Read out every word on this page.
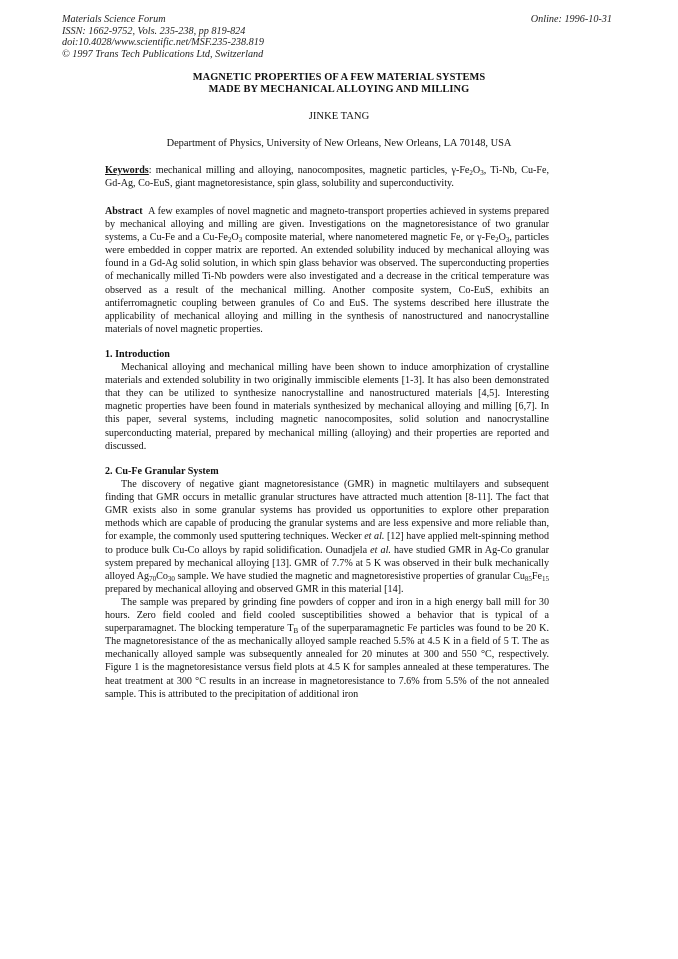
Materials Science Forum
ISSN: 1662-9752, Vols. 235-238, pp 819-824
doi:10.4028/www.scientific.net/MSF.235-238.819
© 1997 Trans Tech Publications Ltd, Switzerland
Online: 1996-10-31
MAGNETIC PROPERTIES OF A FEW MATERIAL SYSTEMS
MADE BY MECHANICAL ALLOYING AND MILLING
JINKE TANG
Department of Physics, University of New Orleans, New Orleans, LA 70148, USA

Keywords: mechanical milling and alloying, nanocomposites, magnetic particles, $\gamma-Fe_2O_3$, Ti-Nb, Cu-Fe, Gd-Ag, Co-EuS, giant magnetoresistance, spin glass, solubility and superconductivity.

Abstract A few examples of novel magnetic and magneto-transport properties achieved in systems prepared by mechanical alloying and milling are given. Investigations on the magnetoresistance of two granular systems, a Cu-Fe and a $Cu-Fe_2O_3$ composite material, where nanometered magnetic Fe, or $\gamma-Fe_2O_3$, particles were embedded in copper matrix are reported. An extended solubility induced by mechanical alloying was found in a Gd-Ag solid solution, in which spin glass behavior was observed. The superconducting properties of mechanically milled Ti-Nb powders were also investigated and a decrease in the critical temperature was observed as a result of the mechanical milling. Another composite system, Co-EuS, exhibits an antiferromagnetic coupling between granules of Co and EuS. The systems described here illustrate the applicability of mechanical alloying and milling in the synthesis of nanostructured and nanocrystalline materials of novel magnetic properties.

1. Introduction

Mechanical alloying and mechanical milling have been shown to induce amorphization of crystalline materials and extended solubility in two originally immiscible elements [1-3]. It has also been demonstrated that they can be utilized to synthesize nanocrystalline and nanostructured materials [4,5]. Interesting magnetic properties have been found in materials synthesized by mechanical alloying and milling [6,7]. In this paper, several systems, including magnetic nanocomposites, solid solution and nanocrystalline superconducting material, prepared by mechanical milling (alloying) and their properties are reported and discussed.

2. Cu-Fe Granular System

The discovery of negative giant magnetoresistance (GMR) in magnetic multilayers and subsequent finding that GMR occurs in metallic granular structures have attracted much attention [8-11]. The fact that GMR exists also in some granular systems has provided us opportunities to explore other preparation methods which are capable of producing the granular systems and are less expensive and more reliable than, for example, the commonly used sputtering techniques. Wecker et al. [12] have applied melt-spinning method to produce bulk Cu-Co alloys by rapid solidification. Ounadjela et al. have studied GMR in Ag-Co granular system prepared by mechanical alloying [13]. GMR of 7.7% at 5 K was observed in their bulk mechanically alloyed $Ag_{70}Co_{30}$ sample. We have studied the magnetic and magnetoresistive properties of granular $Cu_{85}Fe_{15}$ prepared by mechanical alloying and observed GMR in this material [14].

The sample was prepared by grinding fine powders of copper and iron in a high energy ball mill for 30 hours. Zero field cooled and field cooled susceptibilities showed a behavior that is typical of a superparamagnet. The blocking temperature $T_B$ of the superparamagnetic Fe particles was found to be 20 K. The magnetoresistance of the as mechanically alloyed sample reached 5.5% at 4.5 K in a field of 5 T. The as mechanically alloyed sample was subsequently annealed for 20 minutes at 300 and 550 °C, respectively. Figure 1 is the magnetoresistance versus field plots at 4.5 K for samples annealed at these temperatures. The heat treatment at 300 °C results in an increase in magnetoresistance to 7.6% from 5.5% of the not annealed sample. This is attributed to the precipitation of additional iron
